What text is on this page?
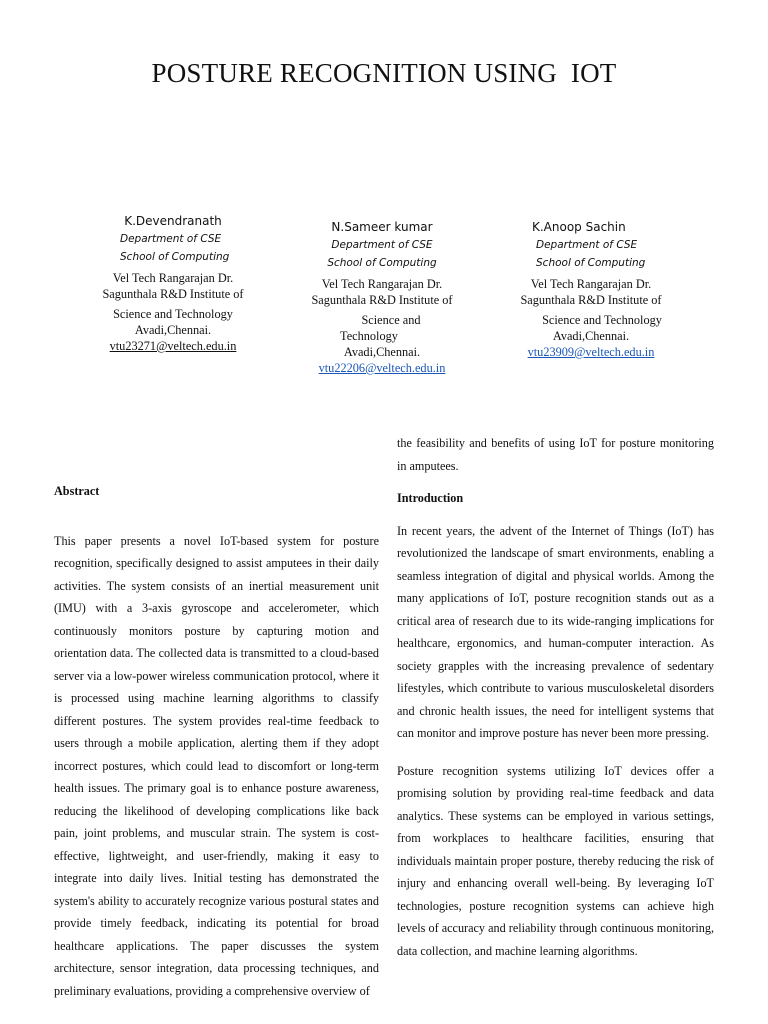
POSTURE RECOGNITION USING  IOT
K.Devendranath
Department of CSE
School of Computing
Vel Tech Rangarajan Dr.
Sagunthala R&D Institute of
Science and Technology
Avadi,Chennai.
vtu23271@veltech.edu.in
N.Sameer kumar
Department of CSE
School of Computing
Vel Tech Rangarajan Dr.
Sagunthala R&D Institute of
Science and
Technology
Avadi,Chennai.
vtu22206@veltech.edu.in
K.Anoop Sachin
Department of CSE
School of Computing
Vel Tech Rangarajan Dr.
Sagunthala R&D Institute of
Science and Technology
Avadi,Chennai.
vtu23909@veltech.edu.in
Abstract

This paper presents a novel IoT-based system for posture recognition, specifically designed to assist amputees in their daily activities. The system consists of an inertial measurement unit (IMU) with a 3-axis gyroscope and accelerometer, which continuously monitors posture by capturing motion and orientation data. The collected data is transmitted to a cloud-based server via a low-power wireless communication protocol, where it is processed using machine learning algorithms to classify different postures. The system provides real-time feedback to users through a mobile application, alerting them if they adopt incorrect postures, which could lead to discomfort or long-term health issues. The primary goal is to enhance posture awareness, reducing the likelihood of developing complications like back pain, joint problems, and muscular strain. The system is cost-effective, lightweight, and user-friendly, making it easy to integrate into daily lives. Initial testing has demonstrated the system's ability to accurately recognize various postural states and provide timely feedback, indicating its potential for broad healthcare applications. The paper discusses the system architecture, sensor integration, data processing techniques, and preliminary evaluations, providing a comprehensive overview of

the feasibility and benefits of using IoT for posture monitoring in amputees.

Introduction

In recent years, the advent of the Internet of Things (IoT) has revolutionized the landscape of smart environments, enabling a seamless integration of digital and physical worlds. Among the many applications of IoT, posture recognition stands out as a critical area of research due to its wide-ranging implications for healthcare, ergonomics, and human-computer interaction. As society grapples with the increasing prevalence of sedentary lifestyles, which contribute to various musculoskeletal disorders and chronic health issues, the need for intelligent systems that can monitor and improve posture has never been more pressing.

Posture recognition systems utilizing IoT devices offer a promising solution by providing real-time feedback and data analytics. These systems can be employed in various settings, from workplaces to healthcare facilities, ensuring that individuals maintain proper posture, thereby reducing the risk of injury and enhancing overall well-being. By leveraging IoT technologies, posture recognition systems can achieve high levels of accuracy and reliability through continuous monitoring, data collection, and machine learning algorithms.
